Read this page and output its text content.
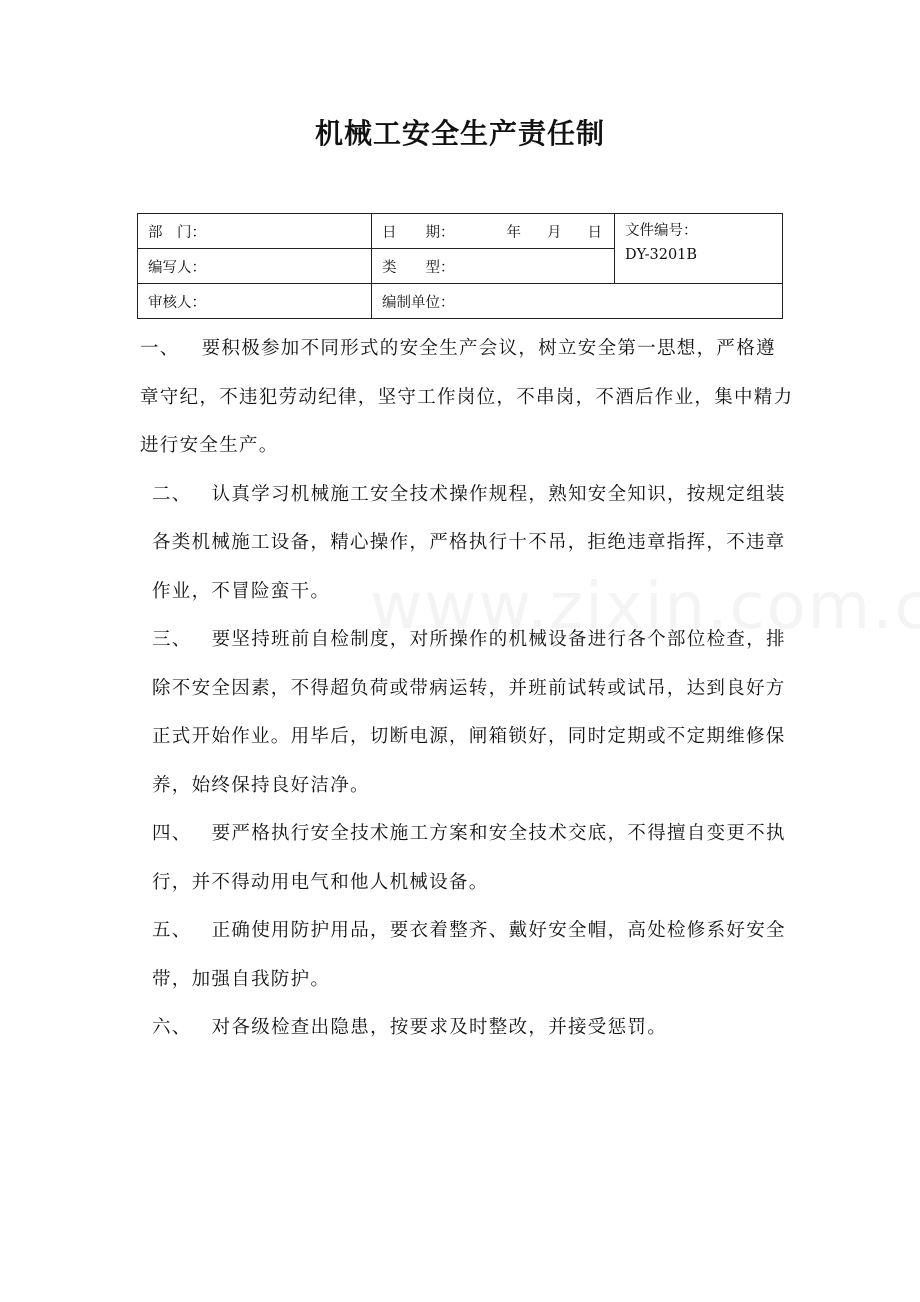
机械工安全生产责任制
部　门：	日　　期： 年 月 日	文件编号：
DY-3201B

编写人：	类　　型：	
审核人：	编制单位：	

一、 要积极参加不同形式的安全生产会议，树立安全第一思想，严格遵章守纪，不违犯劳动纪律，坚守工作岗位，不串岗，不酒后作业，集中精力进行安全生产。

二、 认真学习机械施工安全技术操作规程，熟知安全知识，按规定组装各类机械施工设备，精心操作，严格执行十不吊，拒绝违章指挥，不违章作业，不冒险蛮干。

三、 要坚持班前自检制度，对所操作的机械设备进行各个部位检查，排除不安全因素，不得超负荷或带病运转，并班前试转或试吊，达到良好方正式开始作业。用毕后，切断电源，闸箱锁好，同时定期或不定期维修保养，始终保持良好洁净。

四、 要严格执行安全技术施工方案和安全技术交底，不得擅自变更不执行，并不得动用电气和他人机械设备。

五、 正确使用防护用品，要衣着整齐、戴好安全帽，高处检修系好安全带，加强自我防护。

六、 对各级检查出隐患，按要求及时整改，并接受惩罚。
